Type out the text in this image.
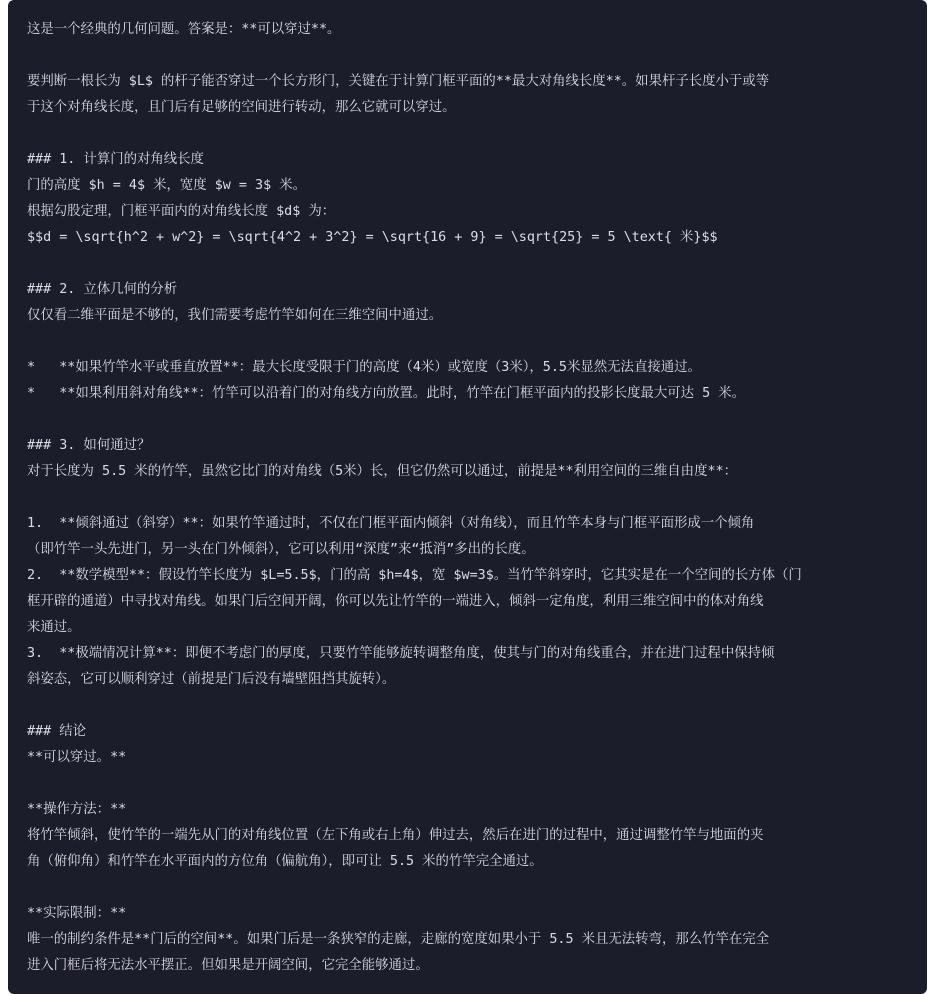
这是一个经典的几何问题。答案是：**可以穿过**。
要判断一根长为 $L$ 的杆子能否穿过一个长方形门，关键在于计算门框平面的**最大对角线长度**。如果杆子长度小于或等
于这个对角线长度，且门后有足够的空间进行转动，那么它就可以穿过。
### 1. 计算门的对角线长度
门的高度 $h = 4$ 米，宽度 $w = 3$ 米。
根据勾股定理，门框平面内的对角线长度 $d$ 为：
$$d = \sqrt{h^2 + w^2} = \sqrt{4^2 + 3^2} = \sqrt{16 + 9} = \sqrt{25} = 5 \text{ 米}$$
### 2. 立体几何的分析
仅仅看二维平面是不够的，我们需要考虑竹竿如何在三维空间中通过。
*   **如果竹竿水平或垂直放置**：最大长度受限于门的高度（4米）或宽度（3米），5.5米显然无法直接通过。
*   **如果利用斜对角线**：竹竿可以沿着门的对角线方向放置。此时，竹竿在门框平面内的投影长度最大可达 5 米。
### 3. 如何通过？
对于长度为 5.5 米的竹竿，虽然它比门的对角线（5米）长，但它仍然可以通过，前提是**利用空间的三维自由度**：
1.  **倾斜通过（斜穿）**：如果竹竿通过时，不仅在门框平面内倾斜（对角线），而且竹竿本身与门框平面形成一个倾角
（即竹竿一头先进门，另一头在门外倾斜），它可以利用“深度”来“抵消”多出的长度。
2.  **数学模型**：假设竹竿长度为 $L=5.5$，门的高 $h=4$，宽 $w=3$。当竹竿斜穿时，它其实是在一个空间的长方体（门
框开辟的通道）中寻找对角线。如果门后空间开阔，你可以先让竹竿的一端进入，倾斜一定角度，利用三维空间中的体对角线
来通过。
3.  **极端情况计算**：即便不考虑门的厚度，只要竹竿能够旋转调整角度，使其与门的对角线重合，并在进门过程中保持倾
斜姿态，它可以顺利穿过（前提是门后没有墙壁阻挡其旋转）。
### 结论
**可以穿过。**
**操作方法：**
将竹竿倾斜，使竹竿的一端先从门的对角线位置（左下角或右上角）伸过去，然后在进门的过程中，通过调整竹竿与地面的夹
角（俯仰角）和竹竿在水平面内的方位角（偏航角），即可让 5.5 米的竹竿完全通过。
**实际限制：**
唯一的制约条件是**门后的空间**。如果门后是一条狭窄的走廊，走廊的宽度如果小于 5.5 米且无法转弯，那么竹竿在完全
进入门框后将无法水平摆正。但如果是开阔空间，它完全能够通过。
